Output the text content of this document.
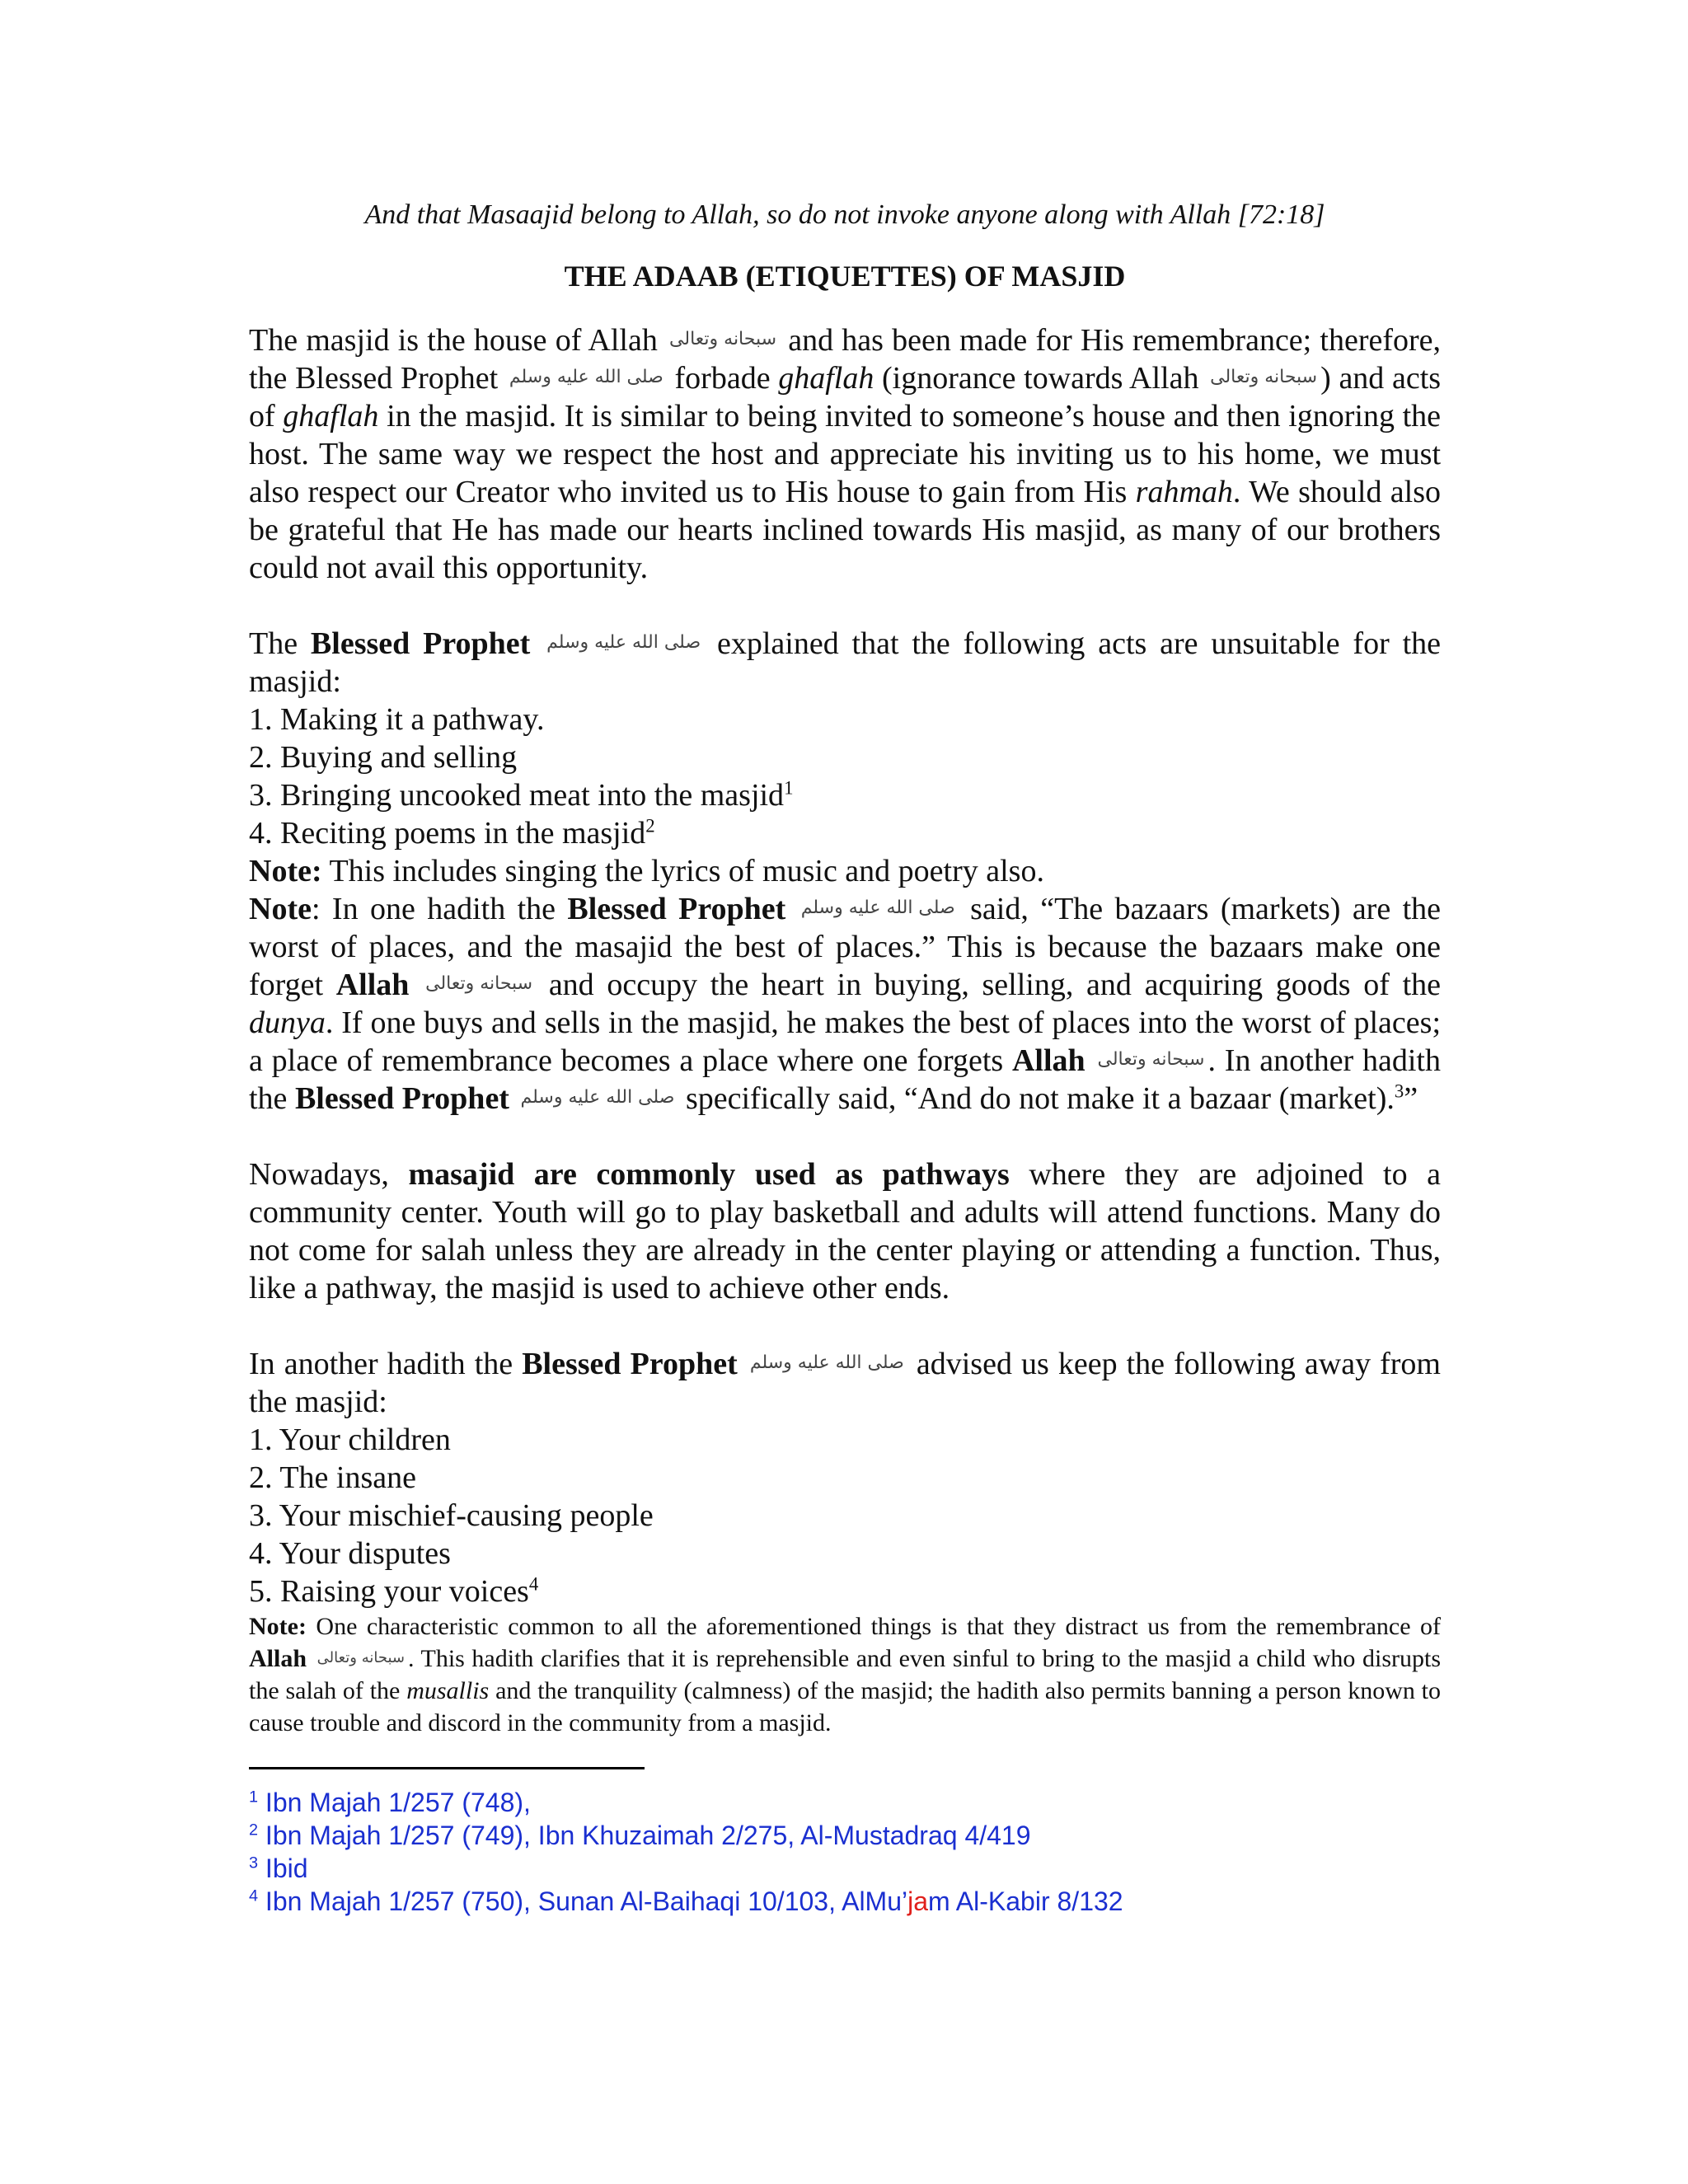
And that Masaajid belong to Allah, so do not invoke anyone along with Allah [72:18]

THE ADAAB (ETIQUETTES) OF MASJID

The masjid is the house of Allah سبحانه وتعالى and has been made for His remembrance; therefore, the Blessed Prophet صلى الله عليه وسلم forbade ghaflah (ignorance towards Allah سبحانه وتعالى ) and acts of ghaflah in the masjid. It is similar to being invited to someone’s house and then ignoring the host. The same way we respect the host and appreciate his inviting us to his home, we must also respect our Creator who invited us to His house to gain from His rahmah. We should also be grateful that He has made our hearts inclined towards His masjid, as many of our brothers could not avail this opportunity.

The Blessed Prophet صلى الله عليه وسلم explained that the following acts are unsuitable for the masjid:

1. Making it a pathway.

2. Buying and selling

3. Bringing uncooked meat into the masjid$^1$

4. Reciting poems in the masjid$^2$

Note: This includes singing the lyrics of music and poetry also.

Note: In one hadith the Blessed Prophet صلى الله عليه وسلم said, “The bazaars (markets) are the worst of places, and the masajid the best of places.” This is because the bazaars make one forget Allah سبحانه وتعالى and occupy the heart in buying, selling, and acquiring goods of the dunya. If one buys and sells in the masjid, he makes the best of places into the worst of places; a place of remembrance becomes a place where one forgets Allah سبحانه وتعالى . In another hadith the Blessed Prophet صلى الله عليه وسلم specifically said, “And do not make it a bazaar (market).$^3$”

Nowadays, masajid are commonly used as pathways where they are adjoined to a community center. Youth will go to play basketball and adults will attend functions. Many do not come for salah unless they are already in the center playing or attending a function. Thus, like a pathway, the masjid is used to achieve other ends.

In another hadith the Blessed Prophet صلى الله عليه وسلم advised us keep the following away from the masjid:

1. Your children

2. The insane

3. Your mischief-causing people

4. Your disputes

5. Raising your voices$^4$

Note: One characteristic common to all the aforementioned things is that they distract us from the remembrance of Allah سبحانه وتعالى . This hadith clarifies that it is reprehensible and even sinful to bring to the masjid a child who disrupts the salah of the musallis and the tranquility (calmness) of the masjid; the hadith also permits banning a person known to cause trouble and discord in the community from a masjid.

$^1$ Ibn Majah 1/257 (748),

$^2$ Ibn Majah 1/257 (749), Ibn Khuzaimah 2/275, Al-Mustadraq 4/419

$^3$ Ibid

$^4$ Ibn Majah 1/257 (750), Sunan Al-Baihaqi 10/103, AlMu’jam Al-Kabir 8/132
